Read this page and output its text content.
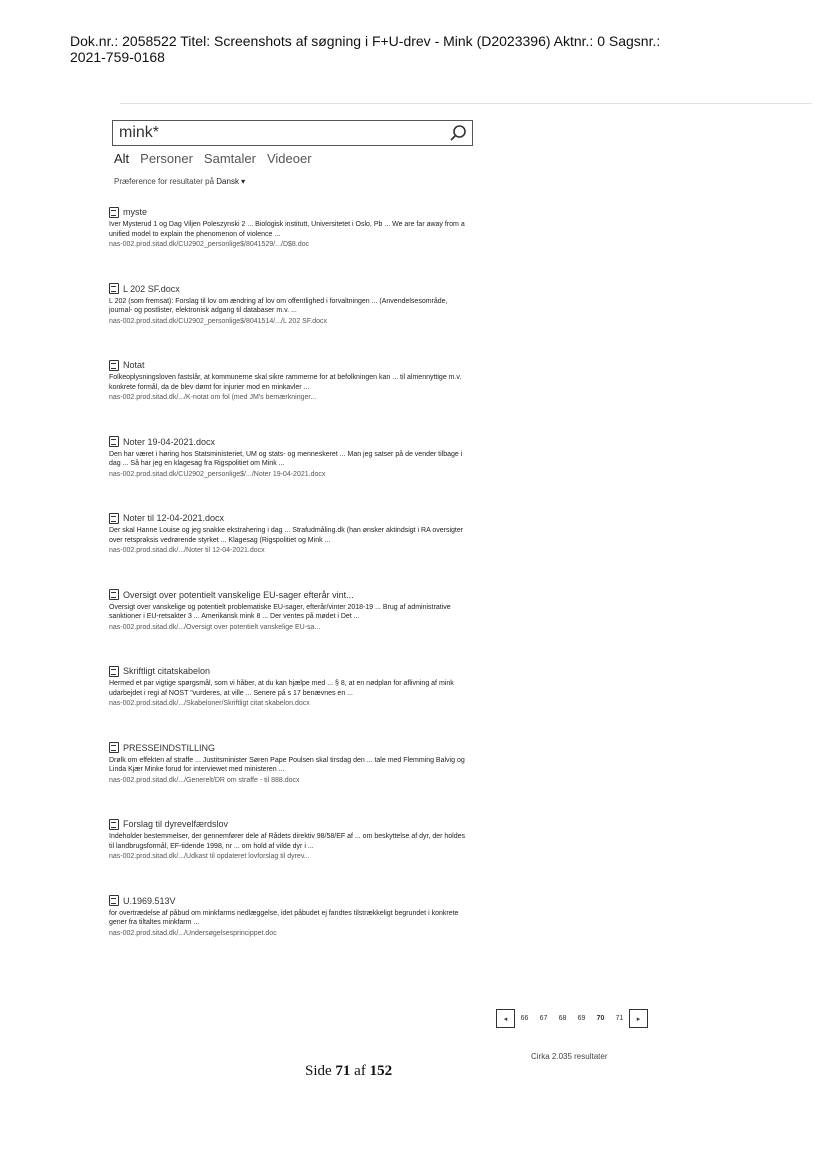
Dok.nr.: 2058522 Titel: Screenshots af søgning i F+U-drev - Mink (D2023396) Aktnr.: 0 Sagsnr.:
2021-759-0168
mink*
Alt Personer Samtaler Videoer
Præference for resultater på Dansk ▾
myste
Iver Mysterud 1 og Dag Viljen Poleszynski 2 ... Biologisk institutt, Universitetet i Oslo, Pb ... We are far away from a unified model to explain the phenomenon of violence ...
nas-002.prod.sitad.dk/CU2902_personlige$/8041529/.../D$8.doc
L 202 SF.docx
L 202 (som fremsat): Forslag til lov om ændring af lov om offentlighed i forvaltningen ... (Anvendelsesområde, journal- og postlister, elektronisk adgang til databaser m.v. ...
nas-002.prod.sitad.dk/CU2902_personlige$/8041514/.../L 202 SF.docx
Notat
Folkeoplysningsloven fastslår, at kommunerne skal sikre rammerne for at befolkningen kan ... til almennyttige m.v. konkrete formål, da de blev dømt for injurier mod en minkavler ...
nas-002.prod.sitad.dk/.../K-notat om fol (med JM's bemærkninger...
Noter 19-04-2021.docx
Den har været i høring hos Statsministeriet, UM og stats- og menneskeret ... Man jeg satser på de vender tilbage i dag ... Så har jeg en klagesag fra Rigspolitiet om Mink ...
nas-002.prod.sitad.dk/CU2902_personlige$/.../Noter 19-04-2021.docx
Noter til 12-04-2021.docx
Der skal Hanne Louise og jeg snakke ekstrahering i dag ... Strafudmåling.dk (han ønsker aktindsigt i RA oversigter over retspraksis vedrørende styrket ... Klagesag (Rigspolitiet og Mink ...
nas-002.prod.sitad.dk/.../Noter til 12-04-2021.docx
Oversigt over potentielt vanskelige EU-sager efterår vint...
Oversigt over vanskelige og potentielt problematiske EU-sager, efterår/vinter 2018-19 ... Brug af administrative sanktioner i EU-retsakter 3 ... Amerikansk mink 8 ... Der ventes på mødet i Det ...
nas-002.prod.sitad.dk/.../Oversigt over potentielt vanskelige EU-sa...
Skriftligt citatskabelon
Hermed et par vigtige spørgsmål, som vi håber, at du kan hjælpe med ... § 8, at en nødplan for aflivning af mink udarbejdet i regi af NOST "vurderes, at ville ... Senere på s 17 benævnes en ...
nas-002.prod.sitad.dk/.../Skabeloner/Skriftligt citat skabelon.docx
PRESSEINDSTILLING
Drølk om effekten af straffe ... Justitsminister Søren Pape Poulsen skal tirsdag den ... tale med Flemming Balvig og Linda Kjær Minke forud for interviewet med ministeren ...
nas-002.prod.sitad.dk/.../Generelt/DR om straffe - til 888.docx
Forslag til dyrevelfærdslov
Indeholder bestemmelser, der gennemfører dele af Rådets direktiv 98/58/EF af ... om beskyttelse af dyr, der holdes til landbrugsformål, EF-tidende 1998, nr ... om hold af vilde dyr i ...
nas-002.prod.sitad.dk/.../Udkast til opdateret lovforslag til dyrev...
U.1969.513V
for overtrædelse af påbud om minkfarms nedlæggelse, idet påbudet ej fandtes tilstrækkeligt begrundet i konkrete gener fra tiltaltes minkfarm ...
nas-002.prod.sitad.dk/.../Undersøgelsesprincippet.doc
◂	66	67	68	69	70	71	▸
Cirka 2.035 resultater
Side 71 af 152
